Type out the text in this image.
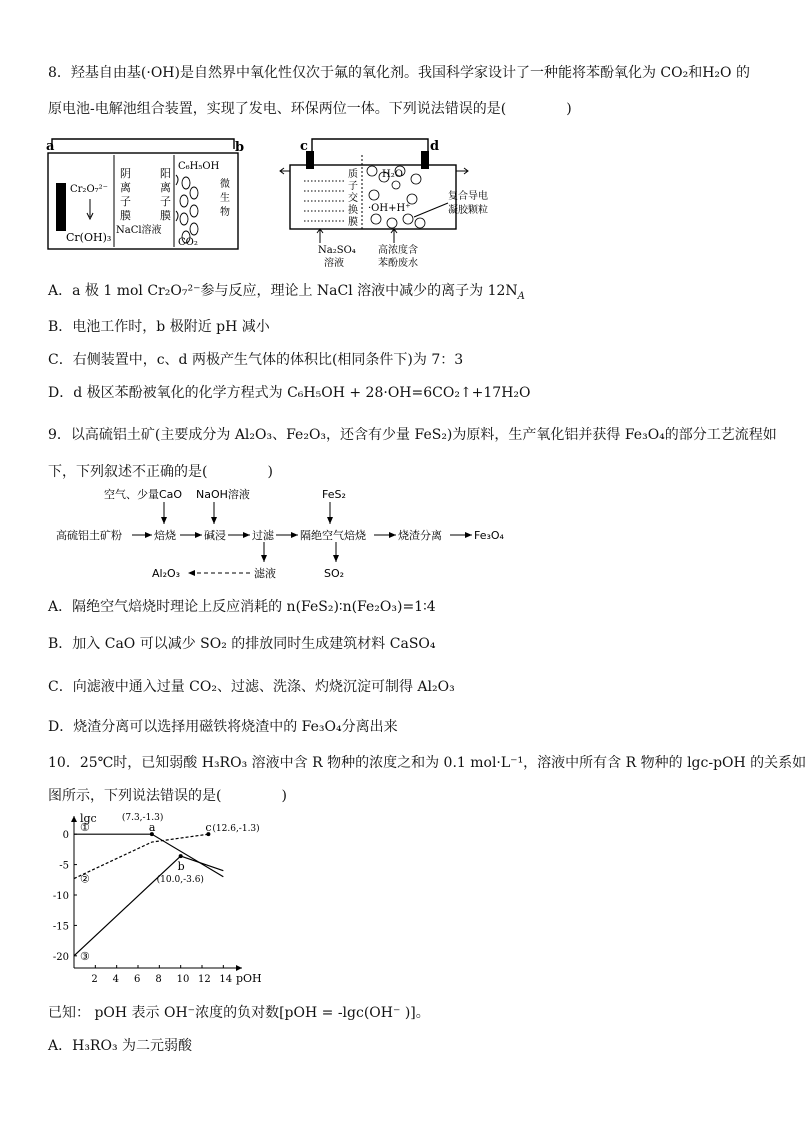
8．羟基自由基(·OH)是自然界中氧化性仅次于氟的氧化剂。我国科学家设计了一种能将苯酚氧化为 CO₂和H₂O 的
原电池-电解池组合装置，实现了发电、环保两位一体。下列说法错误的是(	)
a	b
Cr₂O₇²⁻
Cr(OH)₃
阴
离
子
膜
阳
离
子
膜
NaCl溶液
C₆H₅OH
微
生
物
CO₂
c	d
质
子
交
换
膜
H₂O
·OH+H⁺
复合导电
凝胶颗粒
Na₂SO₄
溶液
高浓度含
苯酚废水
A．a 极 1 mol Cr₂O₇²⁻参与反应，理论上 NaCl 溶液中减少的离子为 $12N_A$
B．电池工作时，b 极附近 pH 减小
C．右侧装置中，c、d 两极产生气体的体积比(相同条件下)为 7：3
D．d 极区苯酚被氧化的化学方程式为 C₆H₅OH + 28·OH=6CO₂↑+17H₂O
9．以高硫铝土矿(主要成分为 Al₂O₃、Fe₂O₃，还含有少量 FeS₂)为原料，生产氧化铝并获得 Fe₃O₄的部分工艺流程如
下，下列叙述不正确的是(	)
空气、少量CaO NaOH溶液	FeS₂
高硫铝土矿粉	焙烧	碱浸 过滤 隔绝空气焙烧	烧渣分离	Fe₃O₄
Al₂O₃	滤液	SO₂
A．隔绝空气焙烧时理论上反应消耗的 n(FeS₂)∶n(Fe₂O₃)=1∶4
B．加入 CaO 可以减少 SO₂ 的排放同时生成建筑材料 CaSO₄
C．向滤液中通入过量 CO₂、过滤、洗涤、灼烧沉淀可制得 Al₂O₃
D．烧渣分离可以选择用磁铁将烧渣中的 Fe₃O₄分离出来
10．25℃时，已知弱酸 H₃RO₃ 溶液中含 R 物种的浓度之和为 0.1 mol·L⁻¹，溶液中所有含 R 物种的 lgc-pOH 的关系如
图所示，下列说法错误的是(	)
lgc
pOH
2 4 6 8 10 12 14
0
-5
-10
-15
-20
①
②
③
a
(7.3,-1.3)
b
(10.0,-3.6)
c (12.6,-1.3)
已知： pOH 表示 OH⁻浓度的负对数[pOH = -lgc(OH⁻ )]。
A．H₃RO₃ 为二元弱酸
